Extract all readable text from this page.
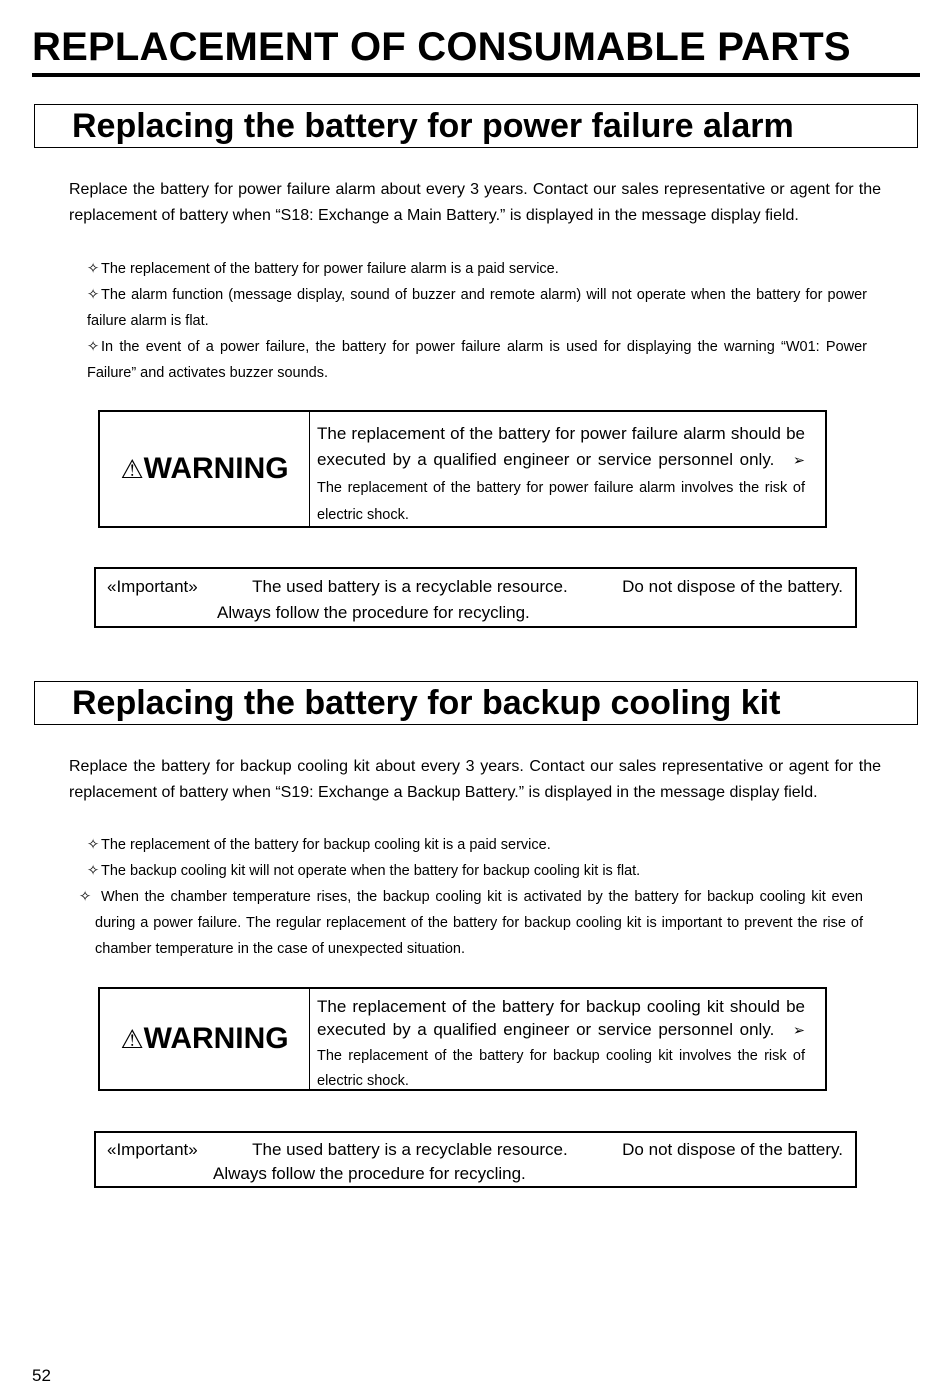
REPLACEMENT OF CONSUMABLE PARTS
Replacing the battery for power failure alarm

Replace the battery for power failure alarm about every 3 years. Contact our sales representative or agent for the replacement of battery when “S18: Exchange a Main Battery.” is displayed in the message display field.

✧ The replacement of the battery for power failure alarm is a paid service.

✧ The alarm function (message display, sound of buzzer and remote alarm) will not operate when the battery for power failure alarm is flat.

✧ In the event of a power failure, the battery for power failure alarm is used for displaying the warning “W01: Power Failure” and activates buzzer sounds.

⚠WARNING
The replacement of the battery for power failure alarm should be executed by a qualified engineer or service personnel only.   ➢ The replacement of the battery for power failure alarm involves the risk of electric shock.
«Important»	The used battery is a recyclable resource.	Do not dispose of the battery.
Always follow the procedure for recycling.
Replacing the battery for backup cooling kit

Replace the battery for backup cooling kit about every 3 years. Contact our sales representative or agent for the replacement of battery when “S19: Exchange a Backup Battery.” is displayed in the message display field.

✧ The replacement of the battery for backup cooling kit is a paid service.

✧ The backup cooling kit will not operate when the battery for backup cooling kit is flat.

✧ When the chamber temperature rises, the backup cooling kit is activated by the battery for backup cooling kit even during a power failure. The regular replacement of the battery for backup cooling kit is important to prevent the rise of chamber temperature in the case of unexpected situation.

⚠WARNING
The replacement of the battery for backup cooling kit should be executed by a qualified engineer or service personnel only.   ➢ The replacement of the battery for backup cooling kit involves the risk of electric shock.
«Important»	The used battery is a recyclable resource.	Do not dispose of the battery.
Always follow the procedure for recycling.
52
